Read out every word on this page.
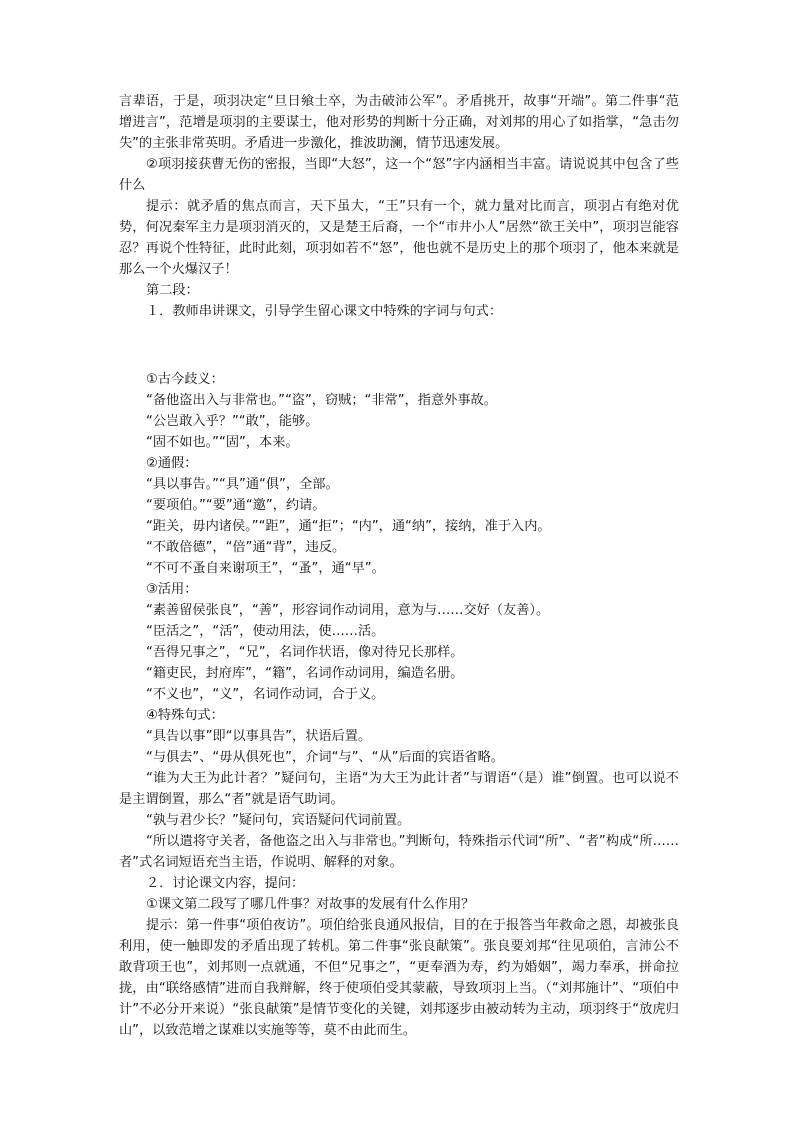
言辈语，于是，项羽决定“旦日飨士卒，为击破沛公军”。矛盾挑开，故事“开端”。第二件事“范增进言”，范增是项羽的主要谋士，他对形势的判断十分正确，对刘邦的用心了如指掌，“急击勿失”的主张非常英明。矛盾进一步激化，推波助澜，情节迅速发展。

②项羽接获曹无伤的密报，当即“大怒”，这一个“怒”字内涵相当丰富。请说说其中包含了些什么

提示：就矛盾的焦点而言，天下虽大，“王”只有一个，就力量对比而言，项羽占有绝对优势，何况秦军主力是项羽消灭的，又是楚王后裔，一个“市井小人”居然“欲王关中”，项羽岂能容忍？再说个性特征，此时此刻，项羽如若不“怒”，他也就不是历史上的那个项羽了，他本来就是那么一个火爆汉子！

第二段：

１．教师串讲课文，引导学生留心课文中特殊的字词与句式：

①古今歧义：

“备他盗出入与非常也。”“盗”，窃贼；“非常”，指意外事故。

“公岂敢入乎？”“敢”，能够。

“固不如也。”“固”，本来。

②通假：

“具以事告。”“具”通“俱”，全部。

“要项伯。”“要”通“邀”，约请。

“距关，毋内诸侯。”“距”，通“拒”；“内”，通“纳”，接纳，准于入内。

“不敢倍德”，“倍”通“背”，违反。

“不可不蚤自来谢项王”，“蚤”，通“早”。

③活用：

“素善留侯张良”，“善”，形容词作动词用，意为与……交好（友善）。

“臣活之”，“活”，使动用法，使……活。

“吾得兄事之”，“兄”，名词作状语，像对待兄长那样。

“籍吏民，封府库”，“籍”，名词作动词用，编造名册。

“不义也”，“义”，名词作动词，合于义。

④特殊句式：

“具告以事”即“以事具告”，状语后置。

“与俱去”、“毋从俱死也”，介词“与”、“从”后面的宾语省略。

“谁为大王为此计者？”疑问句，主语“为大王为此计者”与谓语“（是）谁”倒置。也可以说不是主谓倒置，那么“者”就是语气助词。

“孰与君少长？”疑问句，宾语疑问代词前置。

“所以遣将守关者，备他盗之出入与非常也。”判断句，特殊指示代词“所”、“者”构成“所……者”式名词短语充当主语，作说明、解释的对象。

２．讨论课文内容，提问：

①课文第二段写了哪几件事？对故事的发展有什么作用？

提示：第一件事“项伯夜访”。项伯给张良通风报信，目的在于报答当年救命之恩，却被张良利用，使一触即发的矛盾出现了转机。第二件事“张良献策”。张良要刘邦“往见项伯，言沛公不敢背项王也”，刘邦则一点就通，不但“兄事之”，“更奉酒为寿，约为婚姻”，竭力奉承，拼命拉拢，由“联络感情”进而自我辩解，终于使项伯受其蒙蔽，导致项羽上当。（“刘邦施计”、“项伯中计”不必分开来说）“张良献策”是情节变化的关键，刘邦逐步由被动转为主动，项羽终于“放虎归山”，以致范增之谋难以实施等等，莫不由此而生。
